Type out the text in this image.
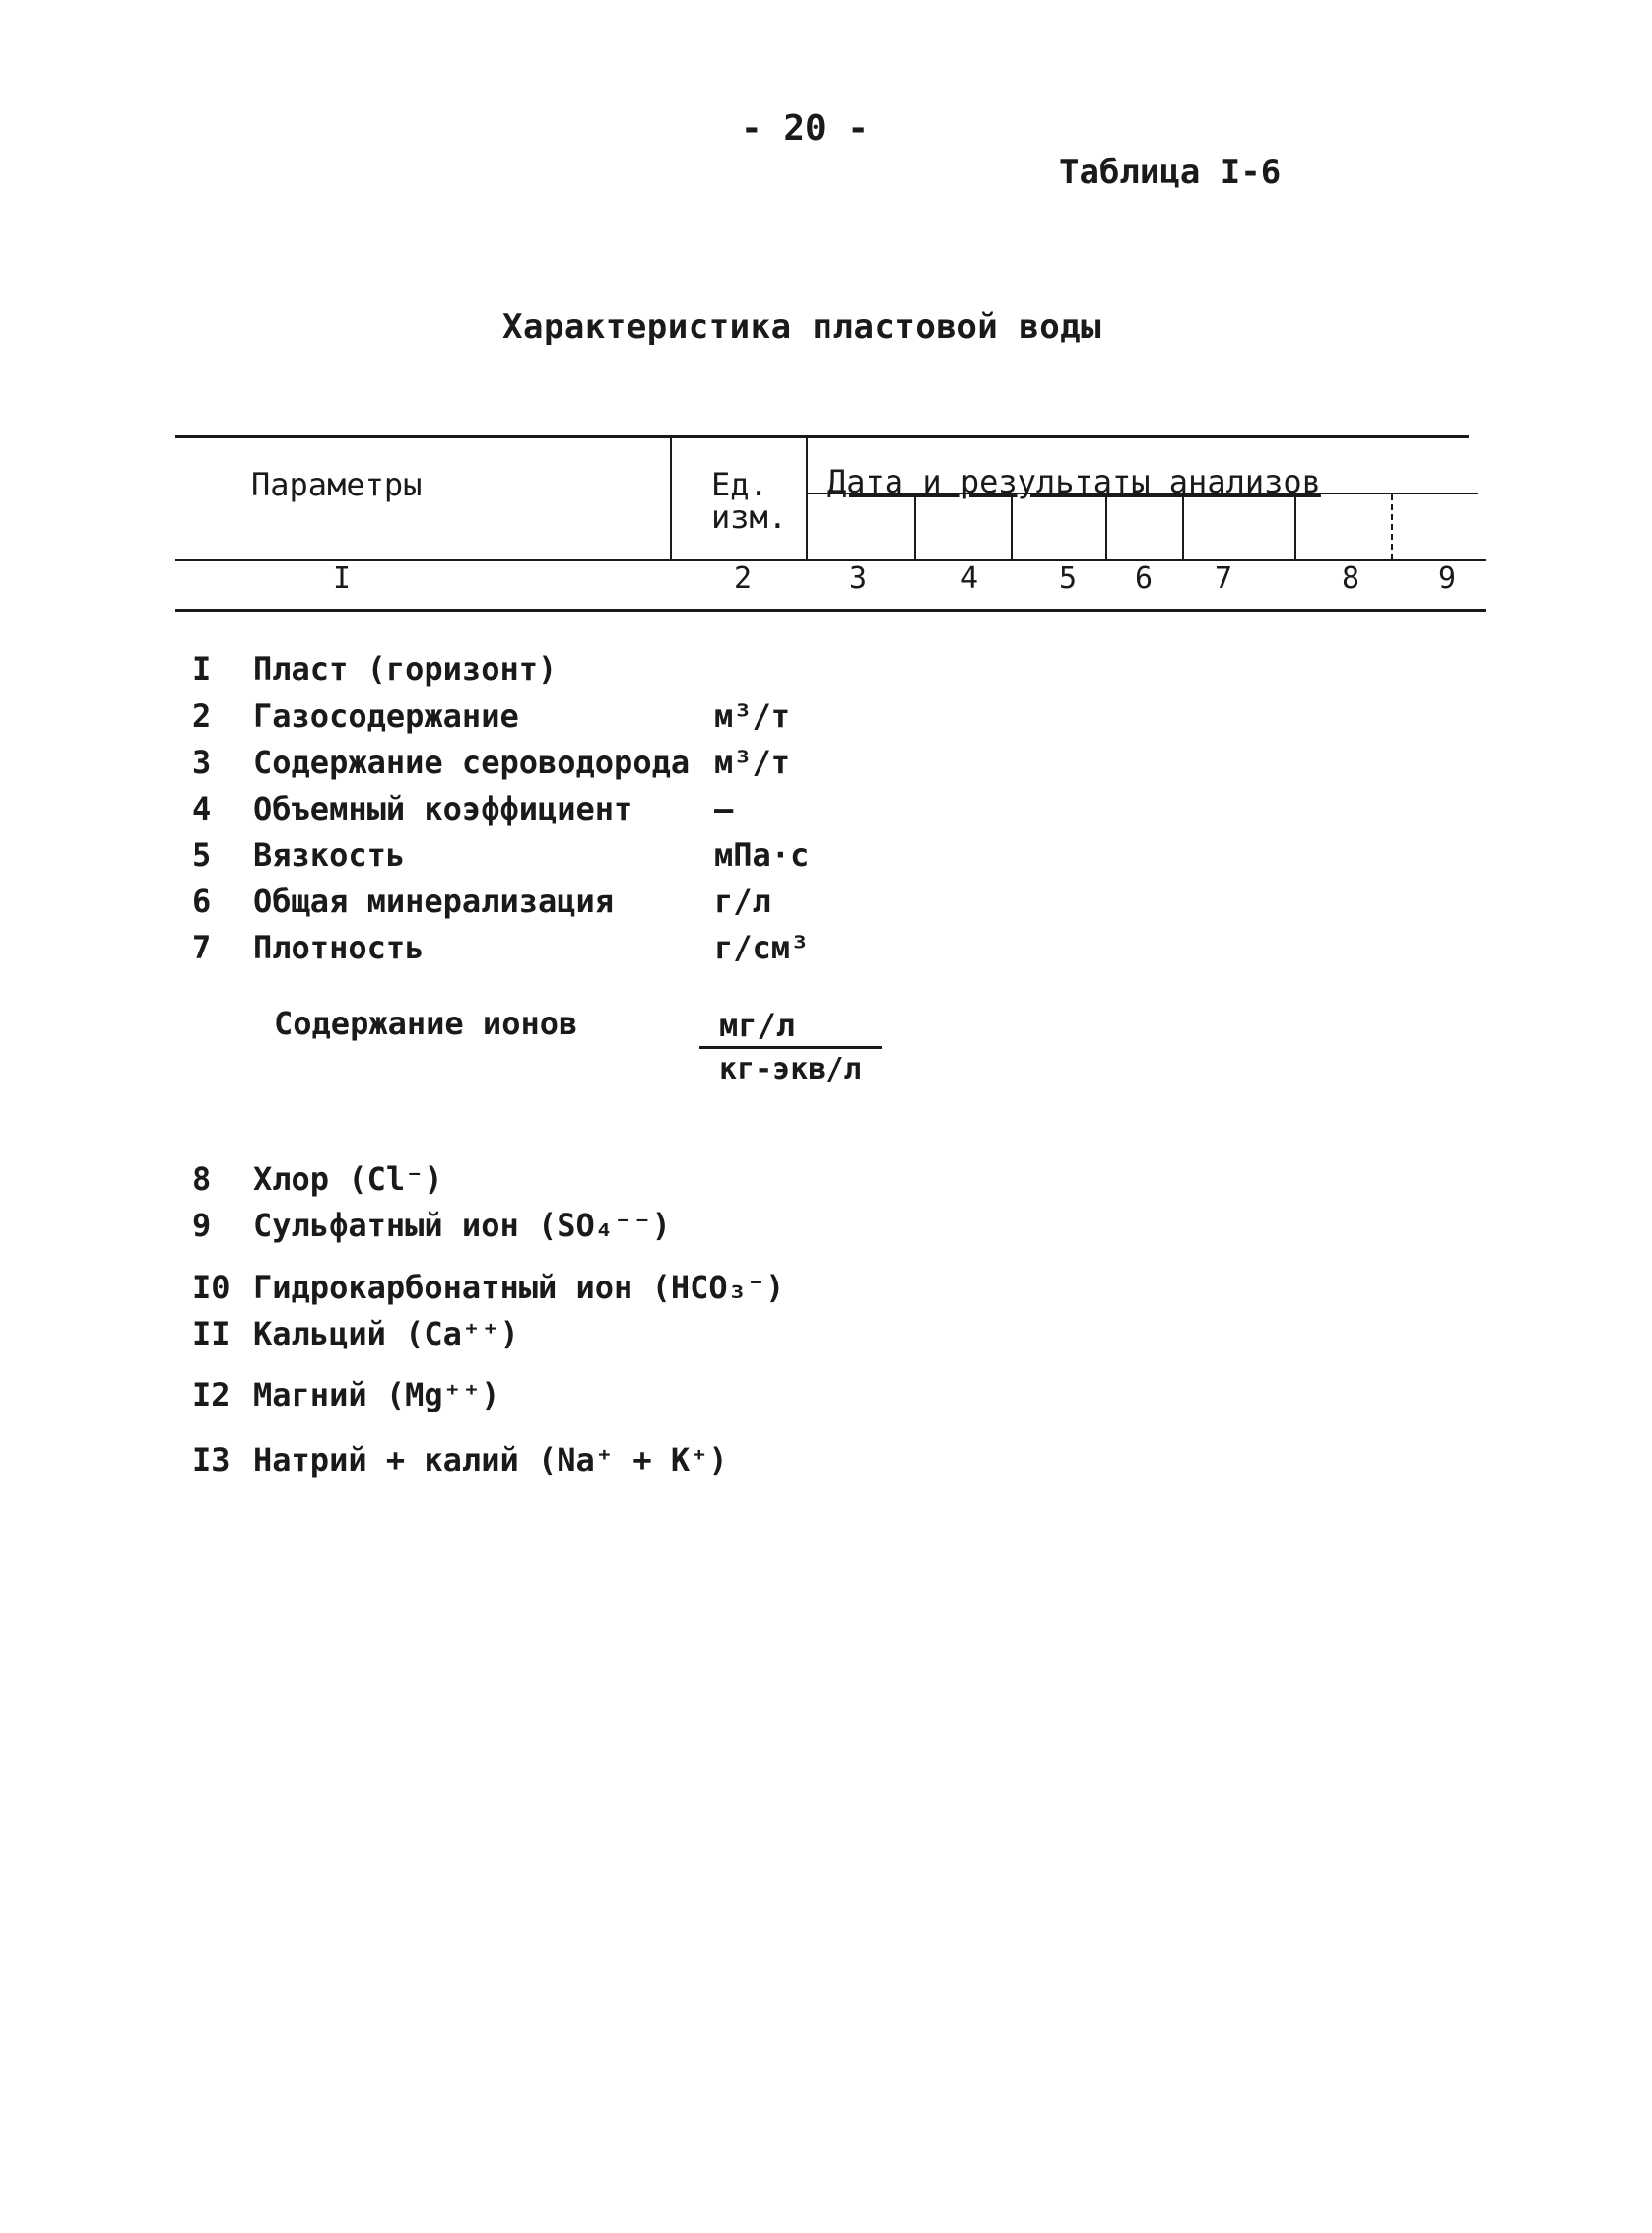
- 20 -
Таблица I-6
Характеристика пластовой воды
Параметры	Ед.
изм.
Дата и результаты анализов
I	2	3	4	5 6 7	8	9
I	Пласт (горизонт)
2	Газосодержание	м³/т
3	Содержание сероводорода м³/т
4	Объемный коэффициент	–
5	Вязкость	мПа·с
6	Общая минерализация	г/л
7	Плотность	г/см³
Содержание ионов	мг/л
кг-экв/л
8	Хлор (Cl⁻)
9	Сульфатный ион (SO₄⁻⁻)
I0 Гидрокарбонатный ион (HCO₃⁻)
II Кальций (Ca⁺⁺)
I2 Магний (Mg⁺⁺)
I3 Натрий + калий (Na⁺ + K⁺)
